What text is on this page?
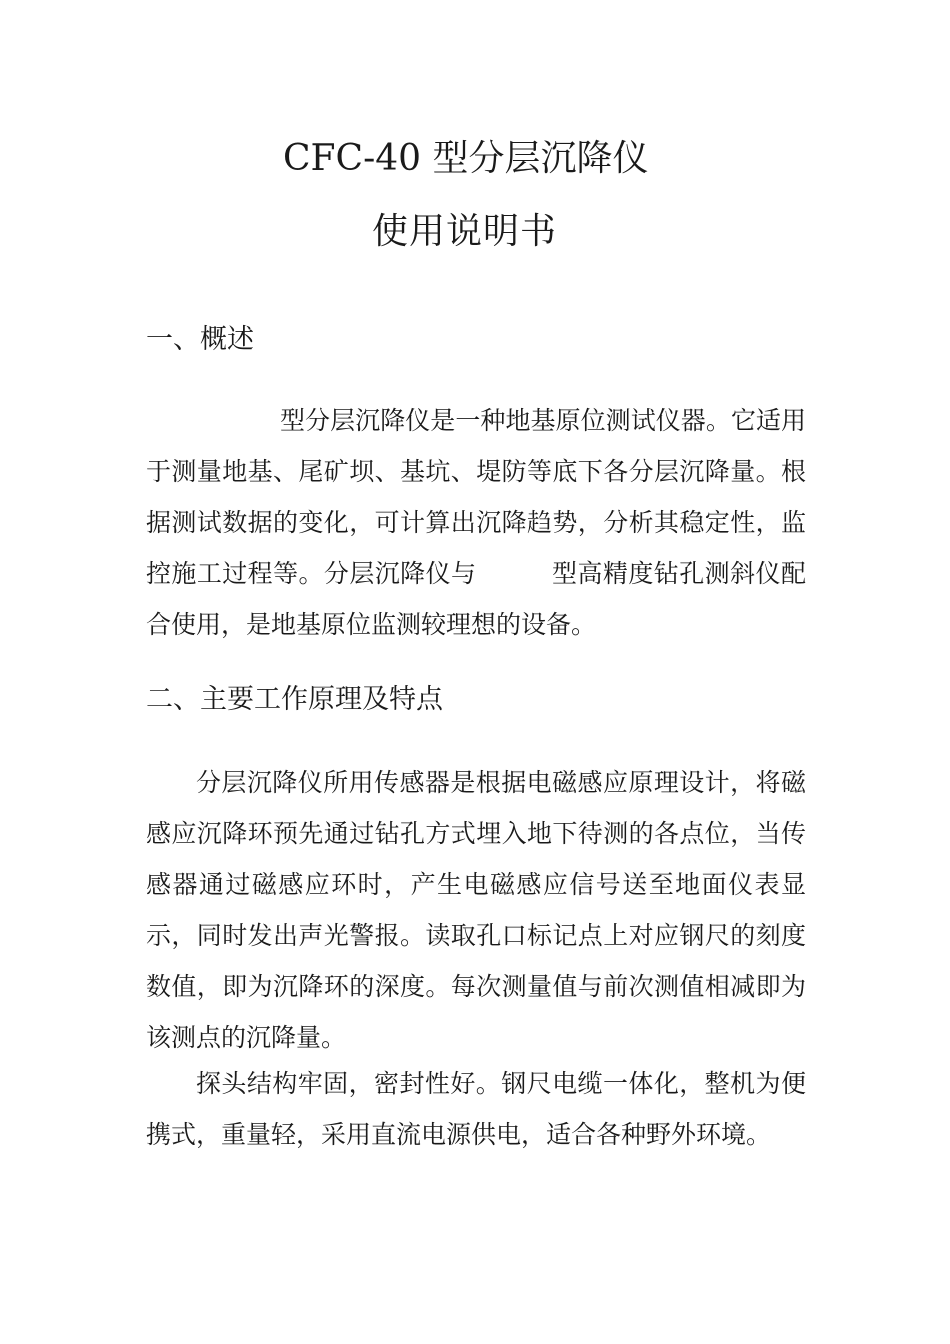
CFC-40 型分层沉降仪
使用说明书
一、概述
型分层沉降仪是一种地基原位测试仪器。它适用
于测量地基、尾矿坝、基坑、堤防等底下各分层沉降量。根
据测试数据的变化，可计算出沉降趋势，分析其稳定性，监
控施工过程等。分层沉降仪与	型高精度钻孔测斜仪配
合使用，是地基原位监测较理想的设备。
二、主要工作原理及特点
分层沉降仪所用传感器是根据电磁感应原理设计，将磁
感应沉降环预先通过钻孔方式埋入地下待测的各点位，当传
感器通过磁感应环时，产生电磁感应信号送至地面仪表显
示，同时发出声光警报。读取孔口标记点上对应钢尺的刻度
数值，即为沉降环的深度。每次测量值与前次测值相减即为
该测点的沉降量。
探头结构牢固，密封性好。钢尺电缆一体化，整机为便
携式，重量轻，采用直流电源供电，适合各种野外环境。
